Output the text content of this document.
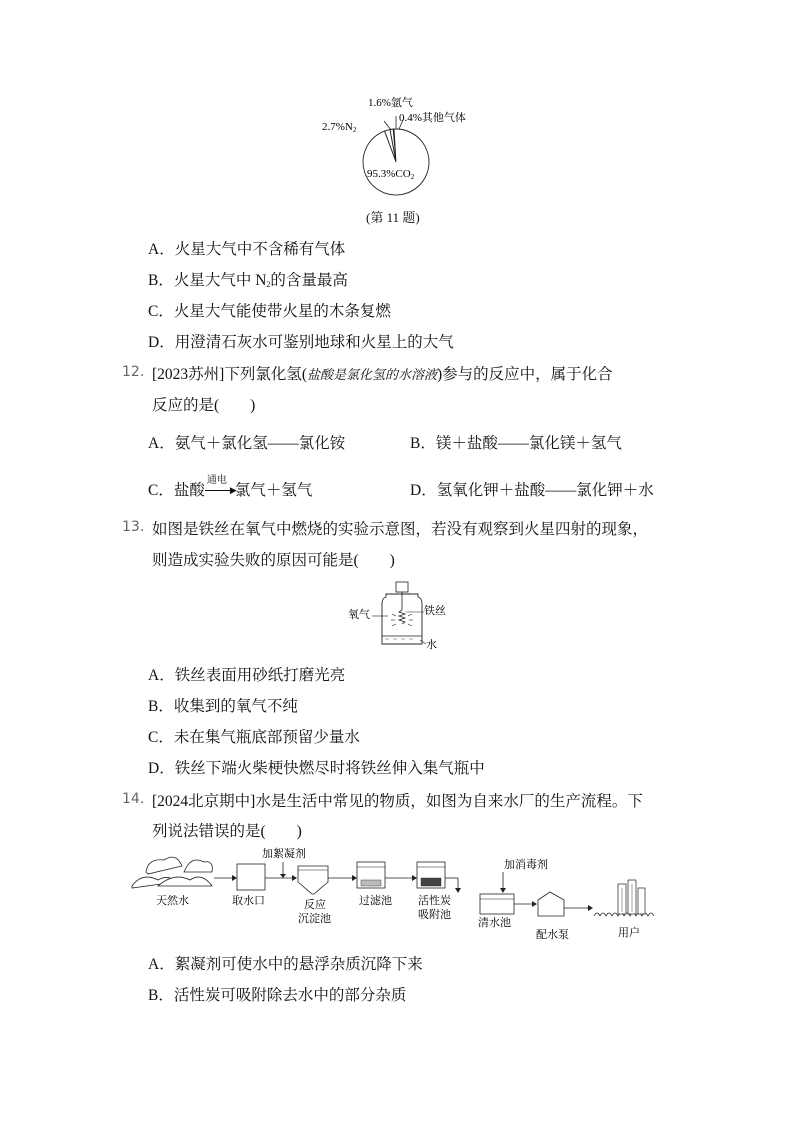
1.6%氩气
0.4%其他气体
2.7%N2
95.3%CO2
(第 11 题)
A．火星大气中不含稀有气体
B．火星大气中 $N_2$的含量最高
C．火星大气能使带火星的木条复燃
D．用澄清石灰水可鉴别地球和火星上的大气
12. [2023苏州]下列氯化氢(盐酸是氯化氢的水溶液)参与的反应中，属于化合
反应的是(　　)
A．氨气＋氯化氢——氯化铵	B．镁＋盐酸——氯化镁＋氢气
C．盐酸
通电
▶
氯气＋氢气	D．氢氧化钾＋盐酸——氯化钾＋水
13. 如图是铁丝在氧气中燃烧的实验示意图，若没有观察到火星四射的现象，
则造成实验失败的原因可能是(　　)
氧气	铁丝
水
A．铁丝表面用砂纸打磨光亮
B．收集到的氧气不纯
C．未在集气瓶底部预留少量水
D．铁丝下端火柴梗快燃尽时将铁丝伸入集气瓶中
14. [2024北京期中]水是生活中常见的物质，如图为自来水厂的生产流程。下
列说法错误的是(　　)
天然水	取水口
加絮凝剂
反应
沉淀池
过滤池 活性炭
吸附池
加消毒剂
清水池
配水泵	用户
A．絮凝剂可使水中的悬浮杂质沉降下来
B．活性炭可吸附除去水中的部分杂质
